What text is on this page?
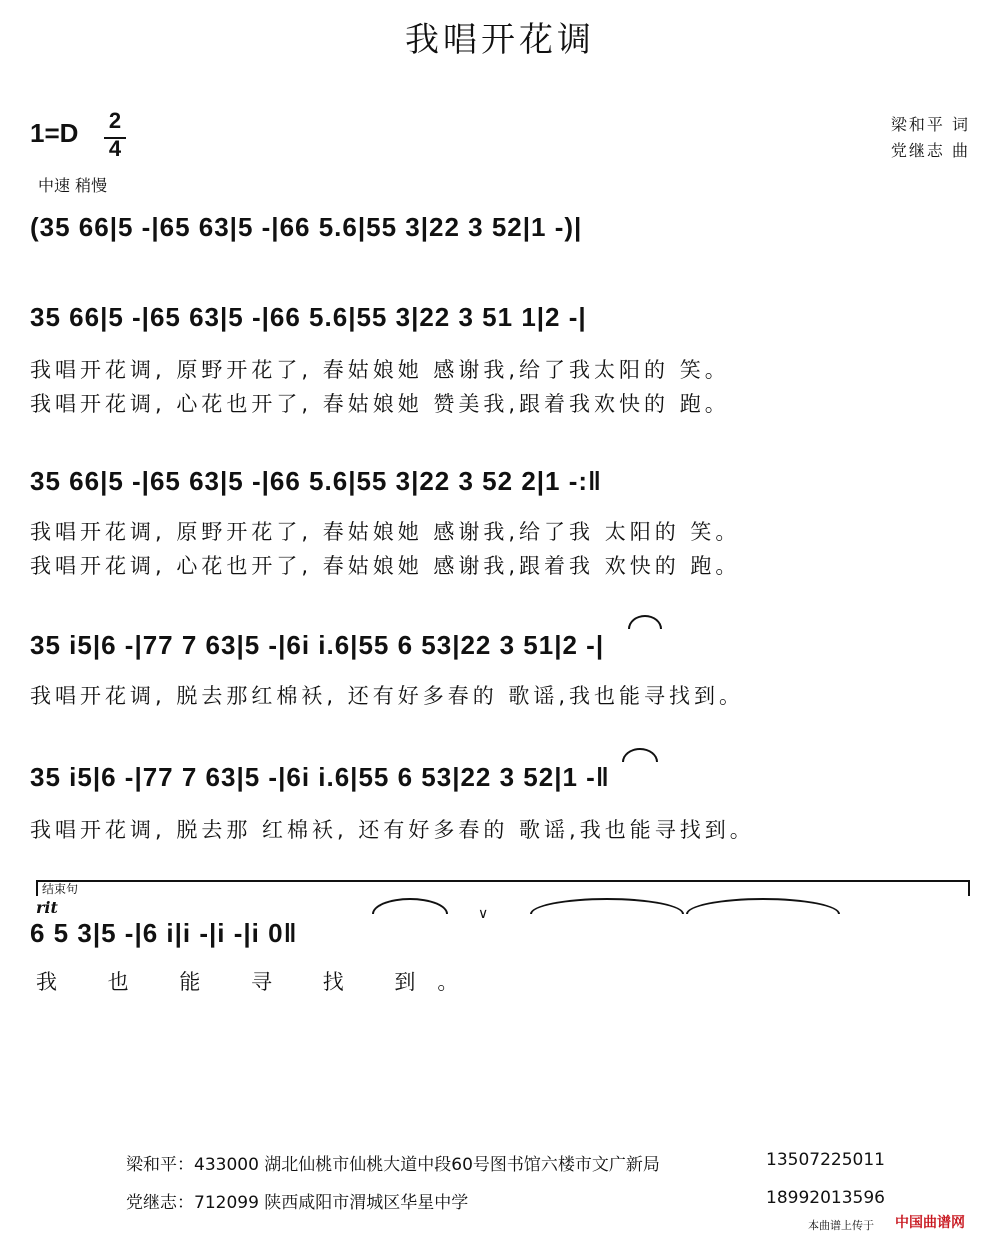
我唱开花调
1=D 2
4
中速 稍慢
梁和平 词
党继志 曲
(35 66|5 -|65 63|5 -|66 5.6|55 3|22 3 52|1 -)|
35 66|5 -|65 63|5 -|66 5.6|55 3|22 3 51 1|2 -|
我唱开花调, 原野开花了, 春姑娘她 感谢我,给了我太阳的 笑。
我唱开花调, 心花也开了, 春姑娘她 赞美我,跟着我欢快的 跑。
35 66|5 -|65 63|5 -|66 5.6|55 3|22 3 52 2|1 -:‖
我唱开花调, 原野开花了, 春姑娘她 感谢我,给了我 太阳的 笑。
我唱开花调, 心花也开了, 春姑娘她 感谢我,跟着我 欢快的 跑。
35 i5|6 -|77 7 63|5 -|6i i.6|55 6 53|22 3 51|2 -|
我唱开花调, 脱去那红棉袄, 还有好多春的 歌谣,我也能寻找到。
35 i5|6 -|77 7 63|5 -|6i i.6|55 6 53|22 3 52|1 -‖
我唱开花调, 脱去那 红棉袄, 还有好多春的 歌谣,我也能寻找到。
结束句
rit
6 5 3|5 -|6 i|i -|i -|i 0‖
∨
我 也 能 寻 找 到。
梁和平：433000 湖北仙桃市仙桃大道中段60号图书馆六楼市文广新局	13507225011
党继志：712099 陕西咸阳市渭城区华星中学	18992013596
本曲谱上传于 中国曲谱网
